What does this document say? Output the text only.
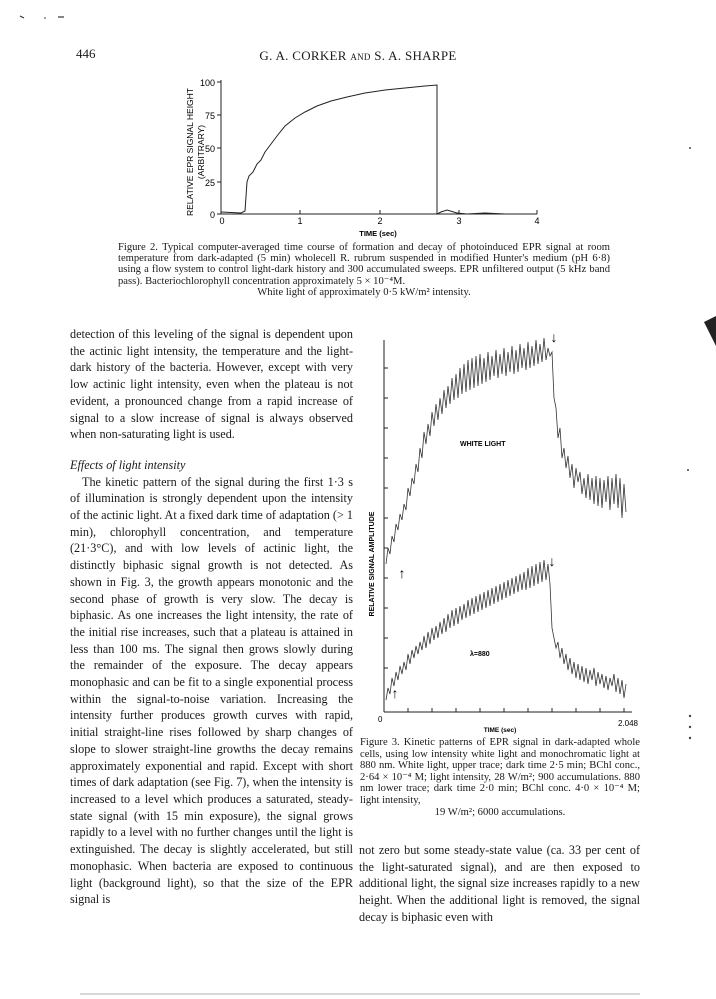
446	G. A. CORKER and S. A. SHARPE
RELATIVE EPR SIGNAL HEIGHT (ARBITRARY)
0
25
50
75
100
0	1	2	3	4
TIME (sec)
Figure 2. Typical computer-averaged time course of formation and decay of photoinduced EPR signal at room temperature from dark-adapted (5 min) wholecell R. rubrum suspended in modified Hunter's medium (pH 6·8) using a flow system to control light-dark history and 300 accumulated sweeps. EPR unfiltered output (5 kHz band pass). Bacteriochlorophyll concentration approximately 5 × 10⁻⁴M.
White light of approximately 0·5 kW/m² intensity.

detection of this leveling of the signal is dependent upon the actinic light intensity, the temperature and the light-dark history of the bacteria. However, except with very low actinic light intensity, even when the plateau is not evident, a pronounced change from a rapid increase of signal to a slow increase of signal is always observed when non-saturating light is used.

Effects of light intensity

The kinetic pattern of the signal during the first 1·3 s of illumination is strongly dependent upon the intensity of the actinic light. At a fixed dark time of adaptation (> 1 min), chlorophyll concentration, and temperature (21·3°C), and with low levels of actinic light, the distinctly biphasic signal growth is not detected. As shown in Fig. 3, the growth appears monotonic and the second phase of growth is very slow. The decay is biphasic. As one increases the light intensity, the rate of the initial rise increases, such that a plateau is attained in less than 100 ms. The signal then grows slowly during the remainder of the exposure. The decay appears monophasic and can be fit to a single exponential process within the signal-to-noise variation. Increasing the intensity further produces growth curves with rapid, initial straight-line rises followed by sharp changes of slope to slower straight-line growths the decay remains approximately exponential and rapid. Except with short times of dark adaptation (see Fig. 7), when the intensity is increased to a level which produces a saturated, steady-state signal (with 15 min exposure), the signal grows rapidly to a level with no further changes until the light is extinguished. The decay is slightly accelerated, but still monophasic. When bacteria are exposed to continuous light (background light), so that the size of the EPR signal is

↓
RELATIVE SIGNAL AMPLITUDE
WHITE LIGHT
λ=880
↑
↓
↑
0	2.048
TIME (sec)
Figure 3. Kinetic patterns of EPR signal in dark-adapted whole cells, using low intensity white light and monochromatic light at 880 nm. White light, upper trace; dark time 2·5 min; BChl conc., 2·64 × 10⁻⁴ M; light intensity, 28 W/m²; 900 accumulations. 880 nm lower trace; dark time 2·0 min; BChl conc. 4·0 × 10⁻⁴ M; light intensity,
19 W/m²; 6000 accumulations.

not zero but some steady-state value (ca. 33 per cent of the light-saturated signal), and are then exposed to additional light, the signal size increases rapidly to a new height. When the additional light is removed, the signal decay is biphasic even with
